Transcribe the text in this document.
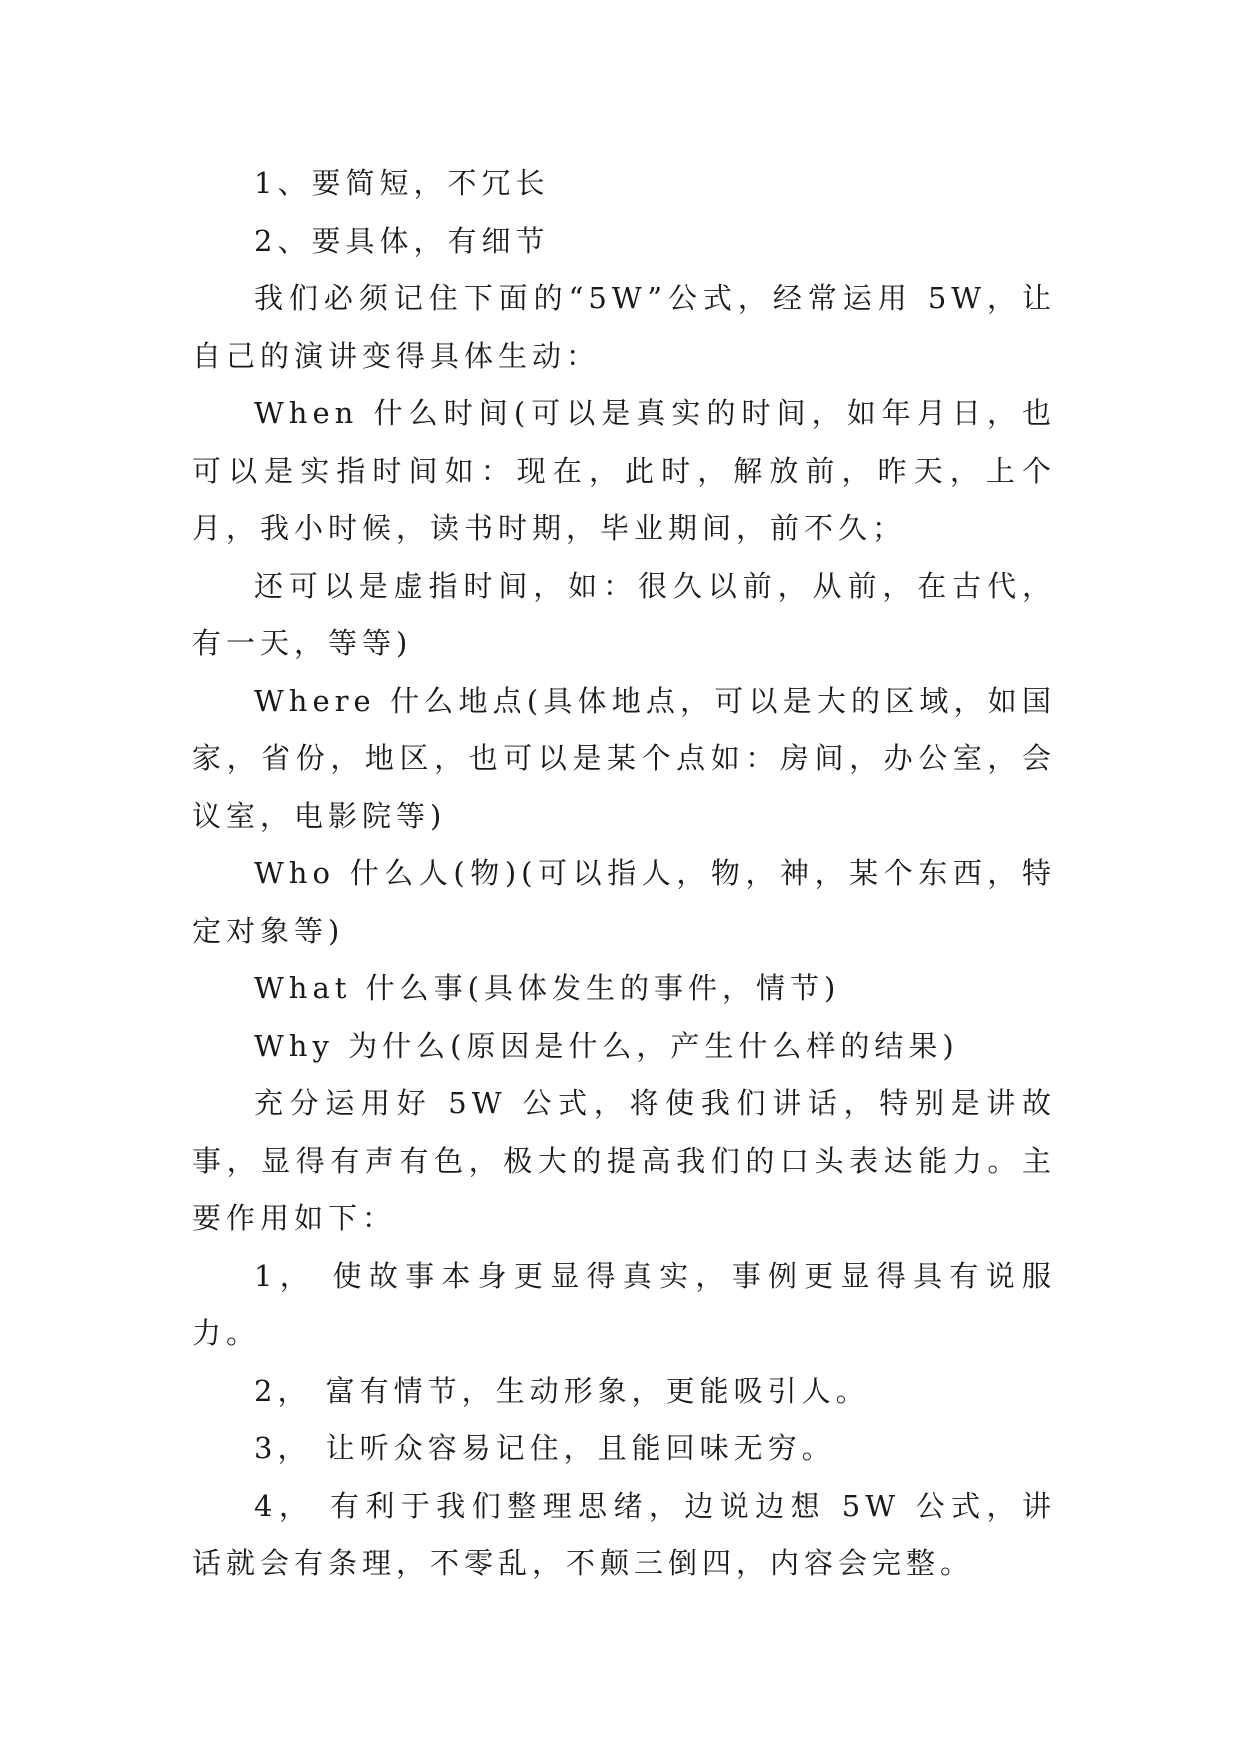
1、要简短，不冗长

2、要具体，有细节

我们必须记住下面的“5W”公式，经常运用 5W，让自己的演讲变得具体生动：

When 什么时间(可以是真实的时间，如年月日，也可以是实指时间如：现在，此时，解放前，昨天，上个月，我小时候，读书时期，毕业期间，前不久；

还可以是虚指时间，如：很久以前，从前，在古代，有一天，等等)

Where 什么地点(具体地点，可以是大的区域，如国家，省份，地区，也可以是某个点如：房间，办公室，会议室，电影院等)

Who 什么人(物)(可以指人，物，神，某个东西，特定对象等)

What 什么事(具体发生的事件，情节)

Why 为什么(原因是什么，产生什么样的结果)

充分运用好 5W 公式，将使我们讲话，特别是讲故事，显得有声有色，极大的提高我们的口头表达能力。主要作用如下：

1， 使故事本身更显得真实，事例更显得具有说服力。

2， 富有情节，生动形象，更能吸引人。

3， 让听众容易记住，且能回味无穷。

4， 有利于我们整理思绪，边说边想 5W 公式，讲话就会有条理，不零乱，不颠三倒四，内容会完整。
